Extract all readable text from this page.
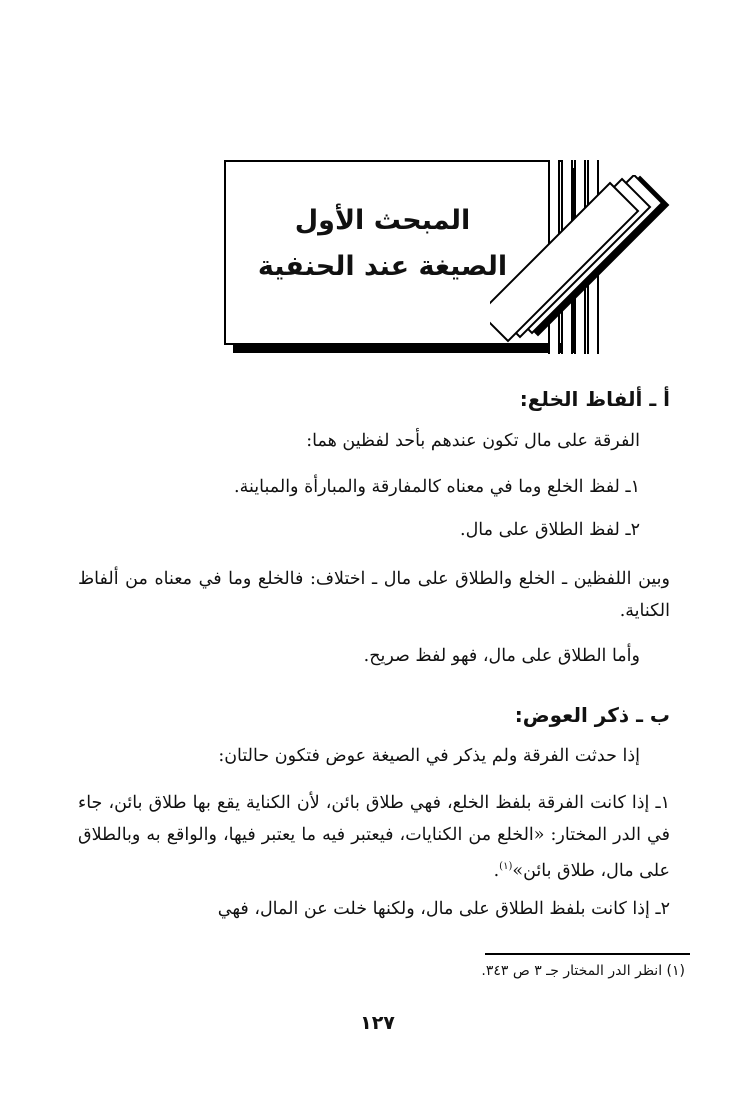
المبحث الأول
الصيغة عند الحنفية
أ ـ ألفاظ الخلع:
الفرقة على مال تكون عندهم بأحد لفظين هما:
١ـ لفظ الخلع وما في معناه كالمفارقة والمبارأة والمباينة.
٢ـ لفظ الطلاق على مال.
وبين اللفظين ـ الخلع والطلاق على مال ـ اختلاف: فالخلع وما في معناه من ألفاظ الكناية.
وأما الطلاق على مال، فهو لفظ صريح.
ب ـ ذكر العوض:
إذا حدثت الفرقة ولم يذكر في الصيغة عوض فتكون حالتان:
١ـ إذا كانت الفرقة بلفظ الخلع، فهي طلاق بائن، لأن الكناية يقع بها طلاق بائن، جاء في الدر المختار: «الخلع من الكنايات، فيعتبر فيه ما يعتبر فيها، والواقع به وبالطلاق على مال، طلاق بائن»$^{(١)}$.
٢ـ إذا كانت بلفظ الطلاق على مال، ولكنها خلت عن المال، فهي
(١) انظر الدر المختار جـ ٣ ص ٣٤٣.
١٢٧
